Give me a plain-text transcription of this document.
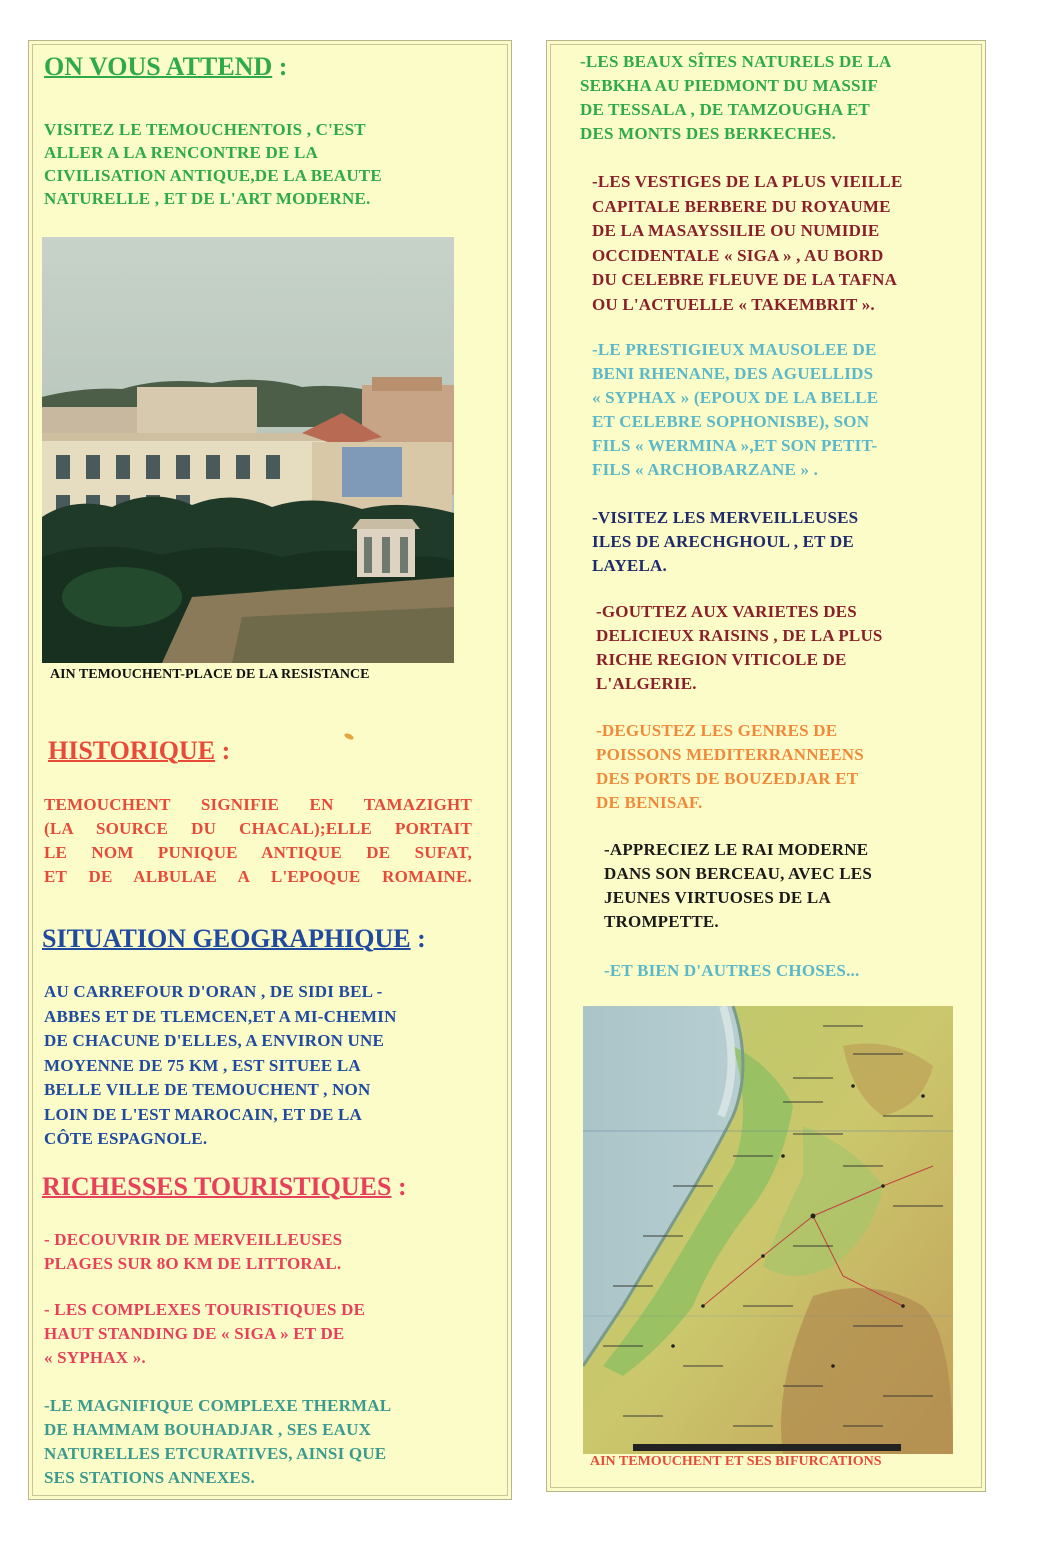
ON VOUS ATTEND :
VISITEZ LE TEMOUCHENTOIS , C'EST
ALLER A LA RENCONTRE DE LA
CIVILISATION ANTIQUE,DE LA BEAUTE
NATURELLE , ET DE L'ART MODERNE.
AIN TEMOUCHENT-PLACE DE LA RESISTANCE
HISTORIQUE :
TEMOUCHENT SIGNIFIE EN TAMAZIGHT
(LA SOURCE DU CHACAL);ELLE PORTAIT
LE NOM PUNIQUE ANTIQUE DE SUFAT,
ET DE ALBULAE A L'EPOQUE ROMAINE.
SITUATION GEOGRAPHIQUE :
AU CARREFOUR D'ORAN , DE SIDI BEL -
ABBES ET DE TLEMCEN,ET A MI-CHEMIN
DE CHACUNE D'ELLES, A ENVIRON UNE
MOYENNE DE 75 KM , EST SITUEE LA
BELLE VILLE DE TEMOUCHENT , NON
LOIN DE L'EST MAROCAIN, ET DE LA
CÔTE ESPAGNOLE.
RICHESSES TOURISTIQUES :
- DECOUVRIR DE MERVEILLEUSES
PLAGES SUR 8O KM DE LITTORAL.
- LES COMPLEXES TOURISTIQUES DE
HAUT STANDING DE « SIGA » ET DE
« SYPHAX ».
-LE MAGNIFIQUE COMPLEXE THERMAL
DE HAMMAM BOUHADJAR , SES EAUX
NATURELLES ETCURATIVES, AINSI QUE
SES STATIONS ANNEXES.
-LES BEAUX SÎTES NATURELS DE LA
SEBKHA AU PIEDMONT DU MASSIF
DE TESSALA , DE TAMZOUGHA ET
DES MONTS DES BERKECHES.
-LES VESTIGES DE LA PLUS VIEILLE
CAPITALE BERBERE DU ROYAUME
DE LA MASAYSSILIE OU NUMIDIE
OCCIDENTALE « SIGA » , AU BORD
DU CELEBRE FLEUVE DE LA TAFNA
OU L'ACTUELLE « TAKEMBRIT ».
-LE PRESTIGIEUX MAUSOLEE DE
BENI RHENANE, DES AGUELLIDS
« SYPHAX » (EPOUX DE LA BELLE
ET CELEBRE SOPHONISBE), SON
FILS « WERMINA »,ET SON PETIT-
FILS « ARCHOBARZANE » .
-VISITEZ LES MERVEILLEUSES
ILES DE ARECHGHOUL , ET DE
LAYELA.
-GOUTTEZ AUX VARIETES DES
DELICIEUX RAISINS , DE LA PLUS
RICHE REGION VITICOLE DE
L'ALGERIE.
-DEGUSTEZ LES GENRES DE
POISSONS MEDITERRANNEENS
DES PORTS DE BOUZEDJAR ET
DE BENISAF.
-APPRECIEZ LE RAI MODERNE
DANS SON BERCEAU, AVEC LES
JEUNES VIRTUOSES DE LA
TROMPETTE.
-ET BIEN D'AUTRES CHOSES...
AIN TEMOUCHENT ET SES BIFURCATIONS
